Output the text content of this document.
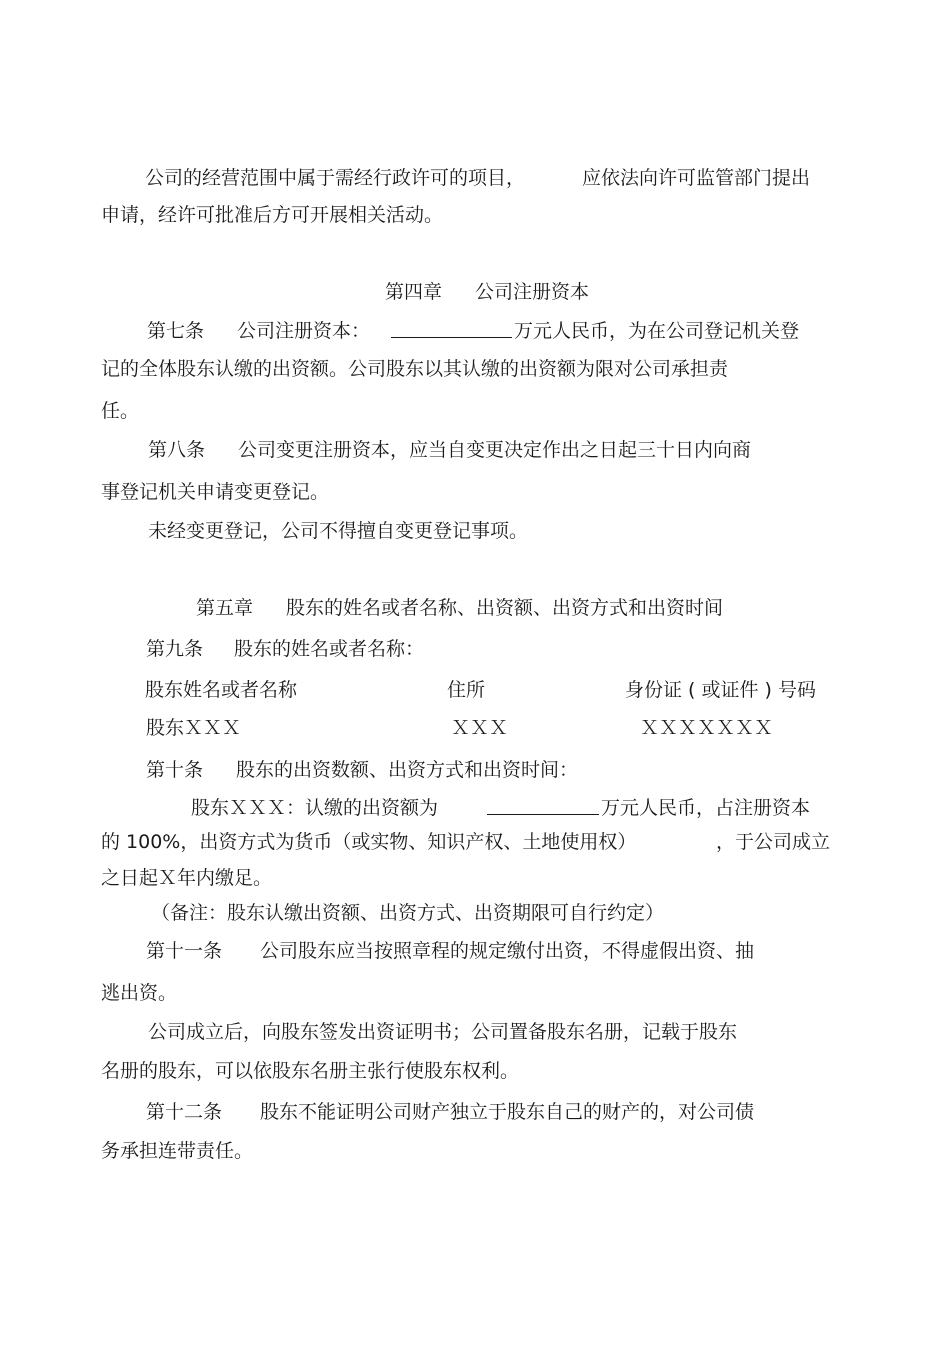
公司的经营范围中属于需经行政许可的项目，	应依法向许可监管部门提出
申请，经许可批准后方可开展相关活动。
第四章 公司注册资本
第七条 公司注册资本：	万元人民币，为在公司登记机关登
记的全体股东认缴的出资额。公司股东以其认缴的出资额为限对公司承担责
任。
第八条 公司变更注册资本，应当自变更决定作出之日起三十日内向商
事登记机关申请变更登记。
未经变更登记，公司不得擅自变更登记事项。
第五章 股东的姓名或者名称、出资额、出资方式和出资时间
第九条 股东的姓名或者名称：
股东姓名或者名称	住所	身份证 ( 或证件 ) 号码
股东ＸＸＸ	ＸＸＸ	ＸＸＸＸＸＸＸ
第十条 股东的出资数额、出资方式和出资时间：
股东ＸＸＸ：认缴的出资额为	万元人民币，占注册资本
的 100%，出资方式为货币（或实物、知识产权、土地使用权）	，于公司成立
之日起Ｘ年内缴足。
（备注：股东认缴出资额、出资方式、出资期限可自行约定）
第十一条 公司股东应当按照章程的规定缴付出资，不得虚假出资、抽
逃出资。
公司成立后，向股东签发出资证明书；公司置备股东名册，记载于股东
名册的股东，可以依股东名册主张行使股东权利。
第十二条 股东不能证明公司财产独立于股东自己的财产的，对公司债
务承担连带责任。
